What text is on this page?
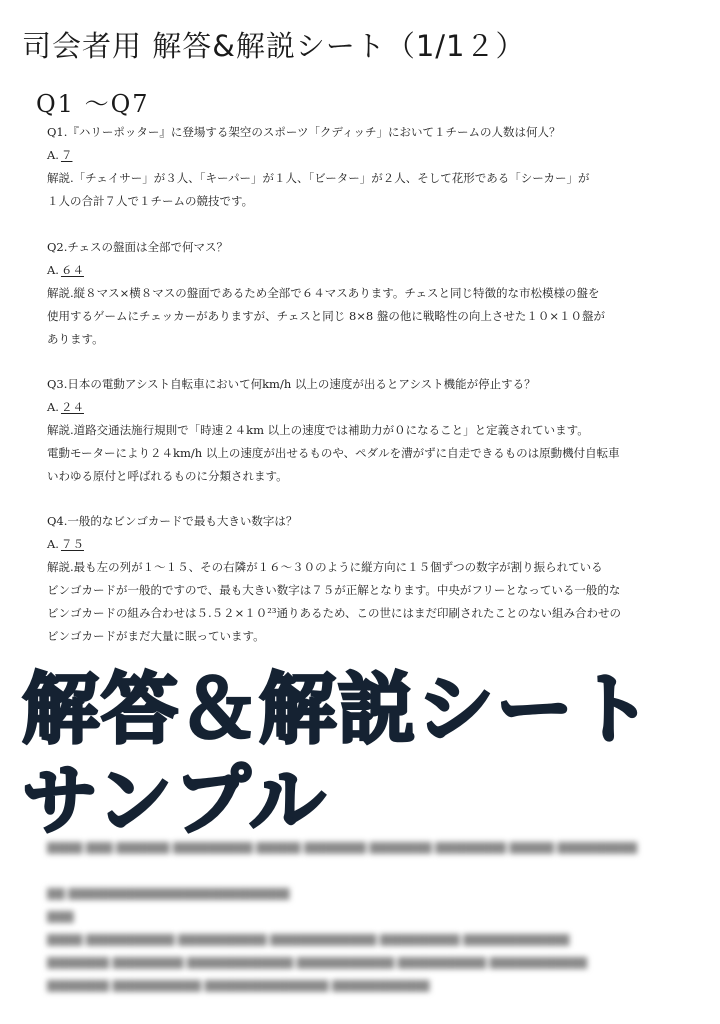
司会者用 解答&解説シート（1/1２）
Q1 ～Q7

Q1.『ハリーポッター』に登場する架空のスポーツ「クディッチ」において１チームの人数は何人？

A. ７

解説.「チェイサー」が３人、「キーパー」が１人、「ビーター」が２人、そして花形である「シーカー」が
１人の合計７人で１チームの競技です。

Q2.チェスの盤面は全部で何マス？

A. ６４

解説.縦８マス×横８マスの盤面であるため全部で６４マスあります。チェスと同じ特徴的な市松模様の盤を
使用するゲームにチェッカーがありますが、チェスと同じ 8×8 盤の他に戦略性の向上させた１０×１０盤が
あります。

Q3.日本の電動アシスト自転車において何km/h 以上の速度が出るとアシスト機能が停止する？

A. ２４

解説.道路交通法施行規則で「時速２４km 以上の速度では補助力が０になること」と定義されています。
電動モーターにより２４km/h 以上の速度が出せるものや、ペダルを漕がずに自走できるものは原動機付自転車
いわゆる原付と呼ばれるものに分類されます。

Q4.一般的なビンゴカードで最も大きい数字は？

A. ７５

解説.最も左の列が１～１５、その右隣が１６～３０のように縦方向に１５個ずつの数字が割り振られている
ビンゴカードが一般的ですので、最も大きい数字は７５が正解となります。中央がフリーとなっている一般的な
ビンゴカードの組み合わせは５.５２×１０²³通りあるため、この世にはまだ印刷されたことのない組み合わせの
ビンゴカードがまだ大量に眠っています。

▇▇▇▇ ▇▇▇ ▇▇▇▇▇▇ ▇▇▇▇▇▇▇▇▇ ▇▇▇▇▇ ▇▇▇▇▇▇▇ ▇▇▇▇▇▇▇ ▇▇▇▇▇▇▇▇ ▇▇▇▇▇ ▇▇▇▇▇▇▇▇▇
▇▇ ▇▇▇▇▇▇▇▇▇▇▇▇▇▇▇▇▇▇▇▇▇▇▇▇▇
▇▇▇
▇▇▇▇ ▇▇▇▇▇▇▇▇▇▇ ▇▇▇▇▇▇▇▇▇▇ ▇▇▇▇▇▇▇▇▇▇▇▇ ▇▇▇▇▇▇▇▇▇ ▇▇▇▇▇▇▇▇▇▇▇▇
▇▇▇▇▇▇▇ ▇▇▇▇▇▇▇▇ ▇▇▇▇▇▇▇▇▇▇▇▇ ▇▇▇▇▇▇▇▇▇▇▇ ▇▇▇▇▇▇▇▇▇▇ ▇▇▇▇▇▇▇▇▇▇▇
▇▇▇▇▇▇▇ ▇▇▇▇▇▇▇▇▇▇ ▇▇▇▇▇▇▇▇▇▇▇▇▇▇ ▇▇▇▇▇▇▇▇▇▇▇
解答＆解説シート
サンプル
